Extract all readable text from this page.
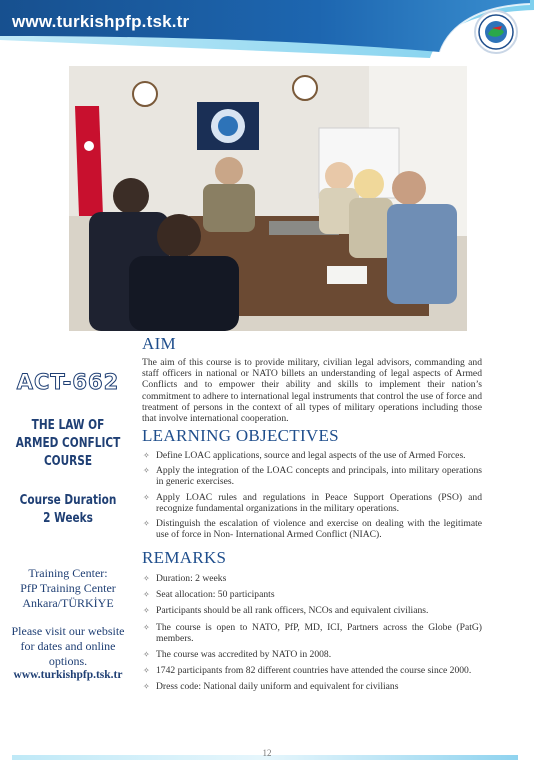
www.turkishpfp.tsk.tr
ACT-662
THE LAW OF
ARMED CONFLICT
COURSE
Course Duration
2 Weeks
Training Center:
PfP Training Center
Ankara/TÜRKİYE
Please visit our website
for dates and online
options.
www.turkishpfp.tsk.tr
AIM
The aim of this course is to provide military, civilian legal advisors, commanding and staff officers in national or NATO billets an understanding of legal aspects of Armed Conflicts and to empower their ability and skills to implement their nation’s commitment to adhere to international legal instruments that control the use of force and treatment of persons in the context of all types of military operations including those that involve international cooperation.
LEARNING OBJECTIVES
✧ Define LOAC applications, source and legal aspects of the use of Armed Forces.
✧ Apply the integration of the LOAC concepts and principals, into military operations in generic exercises.
✧ Apply LOAC rules and regulations in Peace Support Operations (PSO) and recognize fundamental organizations in the military operations.
✧ Distinguish the escalation of violence and exercise on dealing with the legitimate use of force in Non- International Armed Conflict (NIAC).
REMARKS
✧ Duration: 2 weeks
✧ Seat allocation: 50 participants
✧ Participants should be all rank officers, NCOs and equivalent civilians.
✧ The course is open to NATO, PfP, MD, ICI, Partners across the Globe (PatG) members.
✧ The course was accredited by NATO in 2008.
✧ 1742 participants from 82 different countries have attended the course since 2000.
✧ Dress code: National daily uniform and equivalent for civilians
12
